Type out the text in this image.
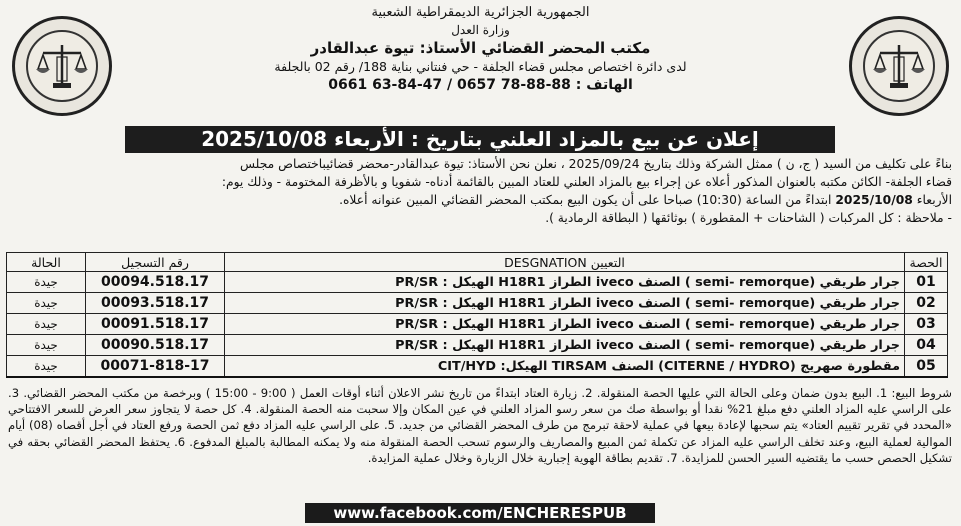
الجمهورية الجزائرية الديمقراطية الشعبية
وزارة العدل
مكتب المحضر القضائي الأستاذ: تيوة عبدالقادر
لدى دائرة اختصاص مجلس قضاء الجلفة - حي فنتاني بناية 188/ رقم 02 بالجلفة
الهاتف : 0661 63-84-47 / 0657 78-88-88
إعلان عن بيع بالمزاد العلني بتاريخ : الأربعاء 2025/10/08

بناءً على تكليف من السيد ( ج، ن ) ممثل الشركة وذلك بتاريخ 2025/09/24 ، نعلن نحن الأستاذ: تيوة عبدالقادر-محضر قضائيباختصاص مجلس

قضاء الجلفة- الكائن مكتبه بالعنوان المذكور أعلاه عن إجراء بيع بالمزاد العلني للعتاد المبين بالقائمة أدناه- شفويا و بالأظرفة المختومة - وذلك يوم:

الأربعاء 2025/10/08 ابتداءً من الساعة (10:30) صباحا على أن يكون البيع بمكتب المحضر القضائي المبين عنوانه أعلاه.

- ملاحظة : كل المركبات ( الشاحنات + المقطورة ) بوثائقها ( البطاقة الرمادية ).

الحصة	التعيين DESGNATION	رقم التسجيل	الحالة
01	جرار طريقي (semi- remorque ) الصنف iveco الطراز H18R1 الهيكل : PR/SR	00094.518.17	جيدة
02	جرار طريقي (semi- remorque ) الصنف iveco الطراز H18R1 الهيكل : PR/SR	00093.518.17	جيدة
03	جرار طريقي (semi- remorque ) الصنف iveco الطراز H18R1 الهيكل : PR/SR	00091.518.17	جيدة
04	جرار طريقي (semi- remorque ) الصنف iveco الطراز H18R1 الهيكل : PR/SR	00090.518.17	جيدة
05	مقطورة صهريج (CITERNE / HYDRO) الصنف TIRSAM الهيكل: CIT/HYD	00071-818-17	جيدة

شروط البيع: 1. البيع بدون ضمان وعلى الحالة التي عليها الحصة المنقولة. 2. زيارة العتاد ابتداءً من تاريخ نشر الاعلان أثناء أوقات العمل ( 9:00 - 15:00 ) وبرخصة من مكتب المحضر القضائي. 3. على الراسي عليه المزاد العلني دفع مبلغ 21% نقدا أو بواسطة صك من سعر رسو المزاد العلني في عين المكان وإلا سحبت منه الحصة المنقولة. 4. كل حصة لا يتجاوز سعر العرض للسعر الافتتاحي «المحدد في تقرير تقييم العتاد» يتم سحبها لإعادة بيعها في عملية لاحقة تبرمج من طرف المحضر القضائي من جديد. 5. على الراسي عليه المزاد دفع ثمن الحصة ورفع العتاد في أجل أقصاه (08) أيام الموالية لعملية البيع، وعند تخلف الراسي عليه المزاد عن تكملة ثمن المبيع والمصاريف والرسوم تسحب الحصة المنقولة منه ولا يمكنه المطالبة بالمبلغ المدفوع. 6. يحتفظ المحضر القضائي بحقه في تشكيل الحصص حسب ما يقتضيه السير الحسن للمزايدة. 7. تقديم بطاقة الهوية إجبارية خلال الزيارة وخلال عملية المزايدة.

www.facebook.com/ENCHERESPUB
